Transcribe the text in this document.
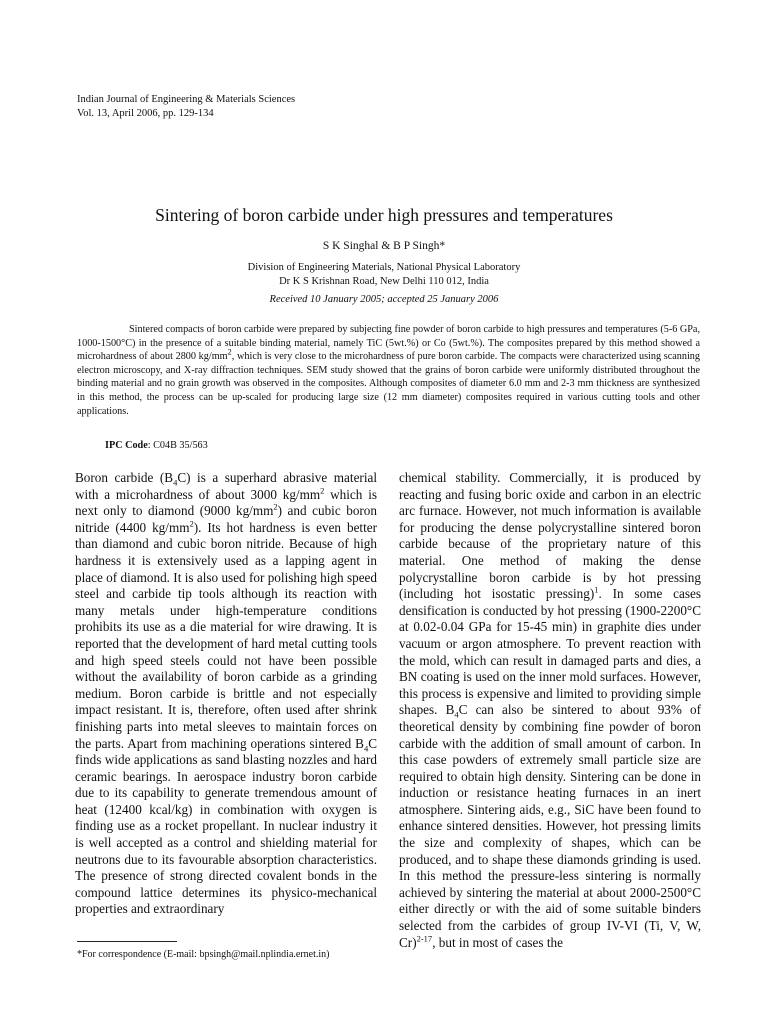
Indian Journal of Engineering & Materials Sciences
Vol. 13, April 2006, pp. 129-134
Sintering of boron carbide under high pressures and temperatures
S K Singhal & B P Singh*
Division of Engineering Materials, National Physical Laboratory
Dr K S Krishnan Road, New Delhi 110 012, India
Received 10 January 2005; accepted 25 January 2006
Sintered compacts of boron carbide were prepared by subjecting fine powder of boron carbide to high pressures and temperatures (5-6 GPa, 1000-1500°C) in the presence of a suitable binding material, namely TiC (5wt.%) or Co (5wt.%). The composites prepared by this method showed a microhardness of about 2800 $kg/mm^2$, which is very close to the microhardness of pure boron carbide. The compacts were characterized using scanning electron microscopy, and X-ray diffraction techniques. SEM study showed that the grains of boron carbide were uniformly distributed throughout the binding material and no grain growth was observed in the composites. Although composites of diameter 6.0 mm and 2-3 mm thickness are synthesized in this method, the process can be up-scaled for producing large size (12 mm diameter) composites required in various cutting tools and other applications.
IPC Code: C04B 35/563

Boron carbide $(B_4C)$ is a superhard abrasive material with a microhardness of about 3000 $kg/mm^2$ which is next only to diamond (9000 $kg/mm^2$) and cubic boron nitride (4400 $kg/mm^2$). Its hot hardness is even better than diamond and cubic boron nitride. Because of high hardness it is extensively used as a lapping agent in place of diamond. It is also used for polishing high speed steel and carbide tip tools although its reaction with many metals under high-temperature conditions prohibits its use as a die material for wire drawing. It is reported that the development of hard metal cutting tools and high speed steels could not have been possible without the availability of boron carbide as a grinding medium. Boron carbide is brittle and not especially impact resistant. It is, therefore, often used after shrink finishing parts into metal sleeves to maintain forces on the parts. Apart from machining operations sintered $B_4C$ finds wide applications as sand blasting nozzles and hard ceramic bearings. In aerospace industry boron carbide due to its capability to generate tremendous amount of heat (12400 kcal/kg) in combination with oxygen is finding use as a rocket propellant. In nuclear industry it is well accepted as a control and shielding material for neutrons due to its favourable absorption characteristics. The presence of strong directed covalent bonds in the compound lattice determines its physico-mechanical properties and extraordinary

chemical stability. Commercially, it is produced by reacting and fusing boric oxide and carbon in an electric arc furnace. However, not much information is available for producing the dense polycrystalline sintered boron carbide because of the proprietary nature of this material. One method of making the dense polycrystalline boron carbide is by hot pressing (including hot isostatic pressing)$^1$. In some cases densification is conducted by hot pressing (1900-2200°C at 0.02-0.04 GPa for 15-45 min) in graphite dies under vacuum or argon atmosphere. To prevent reaction with the mold, which can result in damaged parts and dies, a BN coating is used on the inner mold surfaces. However, this process is expensive and limited to providing simple shapes. $B_4C$ can also be sintered to about 93% of theoretical density by combining fine powder of boron carbide with the addition of small amount of carbon. In this case powders of extremely small particle size are required to obtain high density. Sintering can be done in induction or resistance heating furnaces in an inert atmosphere. Sintering aids, e.g., SiC have been found to enhance sintered densities. However, hot pressing limits the size and complexity of shapes, which can be produced, and to shape these diamonds grinding is used. In this method the pressure-less sintering is normally achieved by sintering the material at about 2000-2500°C either directly or with the aid of some suitable binders selected from the carbides of group IV-VI (Ti, V, W, Cr)$^{2-17}$, but in most of cases the

*For correspondence (E-mail: bpsingh@mail.nplindia.ernet.in)
